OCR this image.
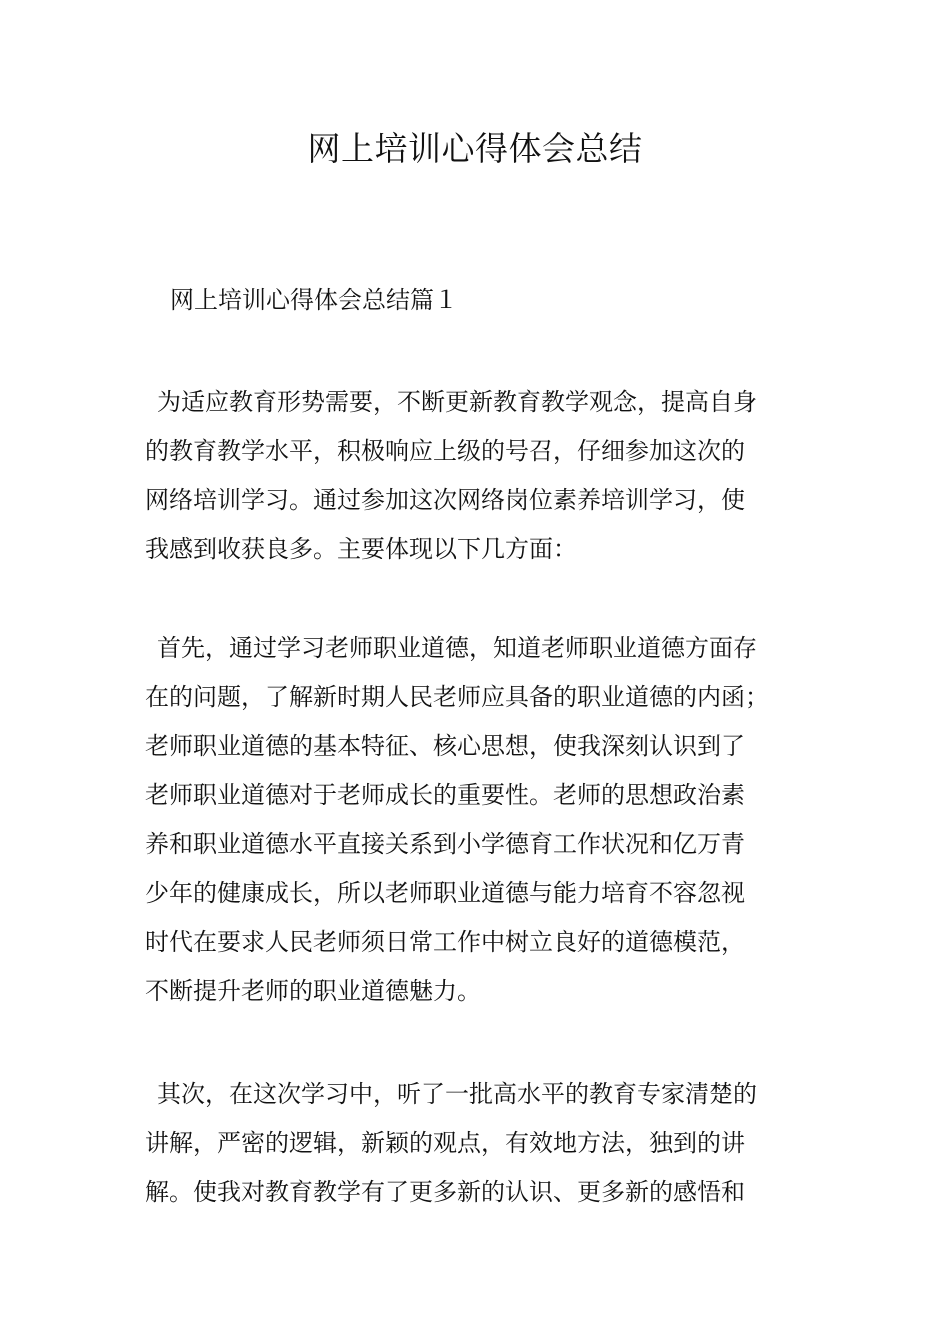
网上培训心得体会总结
网上培训心得体会总结篇１
为适应教育形势需要，不断更新教育教学观念，提高自身
的教育教学水平，积极响应上级的号召，仔细参加这次的
网络培训学习。通过参加这次网络岗位素养培训学习，使
我感到收获良多。主要体现以下几方面：
首先，通过学习老师职业道德，知道老师职业道德方面存
在的问题，了解新时期人民老师应具备的职业道德的内函；
老师职业道德的基本特征、核心思想，使我深刻认识到了
老师职业道德对于老师成长的重要性。老师的思想政治素
养和职业道德水平直接关系到小学德育工作状况和亿万青
少年的健康成长，所以老师职业道德与能力培育不容忽视
时代在要求人民老师须日常工作中树立良好的道德模范，
不断提升老师的职业道德魅力。
其次，在这次学习中，听了一批高水平的教育专家清楚的
讲解，严密的逻辑，新颖的观点，有效地方法，独到的讲
解。使我对教育教学有了更多新的认识、更多新的感悟和
